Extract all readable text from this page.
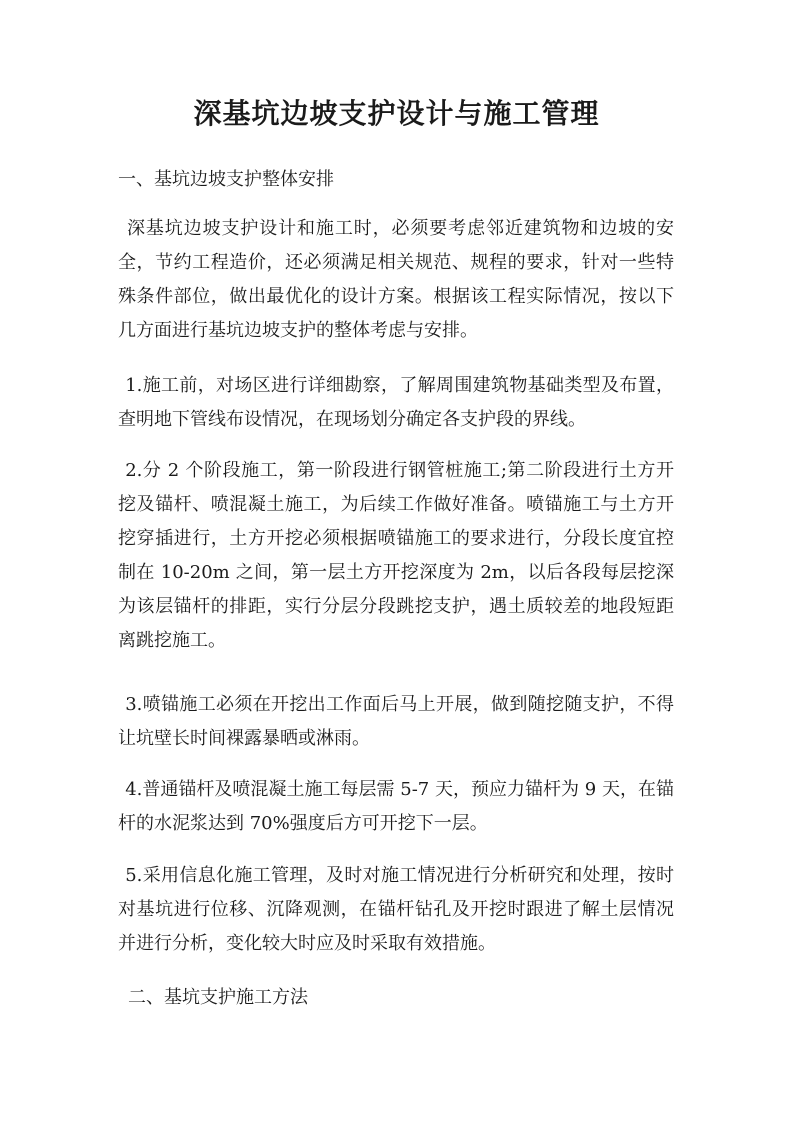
深基坑边坡支护设计与施工管理

一、基坑边坡支护整体安排

深基坑边坡支护设计和施工时，必须要考虑邻近建筑物和边坡的安全，节约工程造价，还必须满足相关规范、规程的要求，针对一些特殊条件部位，做出最优化的设计方案。根据该工程实际情况，按以下几方面进行基坑边坡支护的整体考虑与安排。

1.施工前，对场区进行详细勘察，了解周围建筑物基础类型及布置，查明地下管线布设情况，在现场划分确定各支护段的界线。

2.分 2 个阶段施工，第一阶段进行钢管桩施工;第二阶段进行土方开挖及锚杆、喷混凝土施工，为后续工作做好准备。喷锚施工与土方开挖穿插进行，土方开挖必须根据喷锚施工的要求进行，分段长度宜控制在 10-20m 之间，第一层土方开挖深度为 2m，以后各段每层挖深为该层锚杆的排距，实行分层分段跳挖支护，遇土质较差的地段短距离跳挖施工。

3.喷锚施工必须在开挖出工作面后马上开展，做到随挖随支护，不得让坑壁长时间裸露暴晒或淋雨。

4.普通锚杆及喷混凝土施工每层需 5-7 天，预应力锚杆为 9 天，在锚杆的水泥浆达到 70%强度后方可开挖下一层。

5.采用信息化施工管理，及时对施工情况进行分析研究和处理，按时对基坑进行位移、沉降观测，在锚杆钻孔及开挖时跟进了解土层情况并进行分析，变化较大时应及时采取有效措施。

二、基坑支护施工方法
